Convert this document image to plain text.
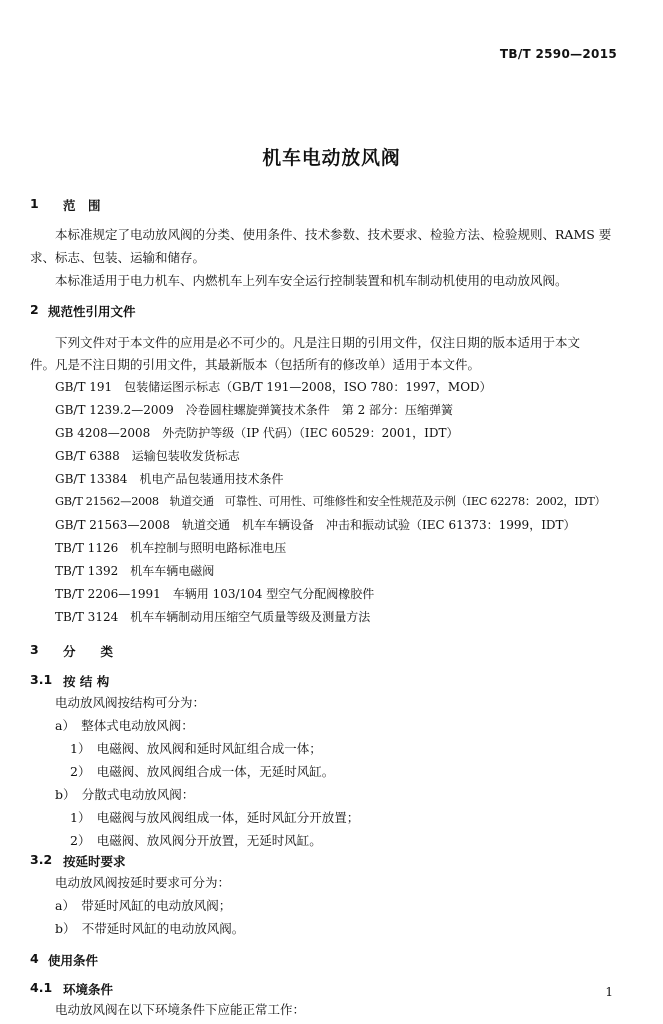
TB/T 2590—2015
机车电动放风阀
1 范　围
本标准规定了电动放风阀的分类、使用条件、技术参数、技术要求、检验方法、检验规则、RAMS 要
求、标志、包装、运输和储存。
本标准适用于电力机车、内燃机车上列车安全运行控制装置和机车制动机使用的电动放风阀。
2 规范性引用文件
下列文件对于本文件的应用是必不可少的。凡是注日期的引用文件，仅注日期的版本适用于本文
件。凡是不注日期的引用文件，其最新版本（包括所有的修改单）适用于本文件。
GB/T 191　包装储运图示标志（GB/T 191—2008，ISO 780：1997，MOD）
GB/T 1239.2—2009　冷卷圆柱螺旋弹簧技术条件　第 2 部分：压缩弹簧
GB 4208—2008　外壳防护等级（IP 代码）（IEC 60529：2001，IDT）
GB/T 6388　运输包装收发货标志
GB/T 13384　机电产品包装通用技术条件
GB/T 21562—2008　轨道交通　可靠性、可用性、可维修性和安全性规范及示例（IEC 62278：2002，IDT）
GB/T 21563—2008　轨道交通　机车车辆设备　冲击和振动试验（IEC 61373：1999，IDT）
TB/T 1126　机车控制与照明电路标准电压
TB/T 1392　机车车辆电磁阀
TB/T 2206—1991　车辆用 103/104 型空气分配阀橡胶件
TB/T 3124　机车车辆制动用压缩空气质量等级及测量方法
3 分　　类
3.1 按 结 构
电动放风阀按结构可分为：
a）　整体式电动放风阀：
1）　电磁阀、放风阀和延时风缸组合成一体；
2）　电磁阀、放风阀组合成一体，无延时风缸。
b）　分散式电动放风阀：
1）　电磁阀与放风阀组成一体，延时风缸分开放置；
2）　电磁阀、放风阀分开放置，无延时风缸。
3.2 按延时要求
电动放风阀按延时要求可分为：
a）　带延时风缸的电动放风阀；
b）　不带延时风缸的电动放风阀。
4 使用条件
4.1 环境条件
电动放风阀在以下环境条件下应能正常工作：
1
